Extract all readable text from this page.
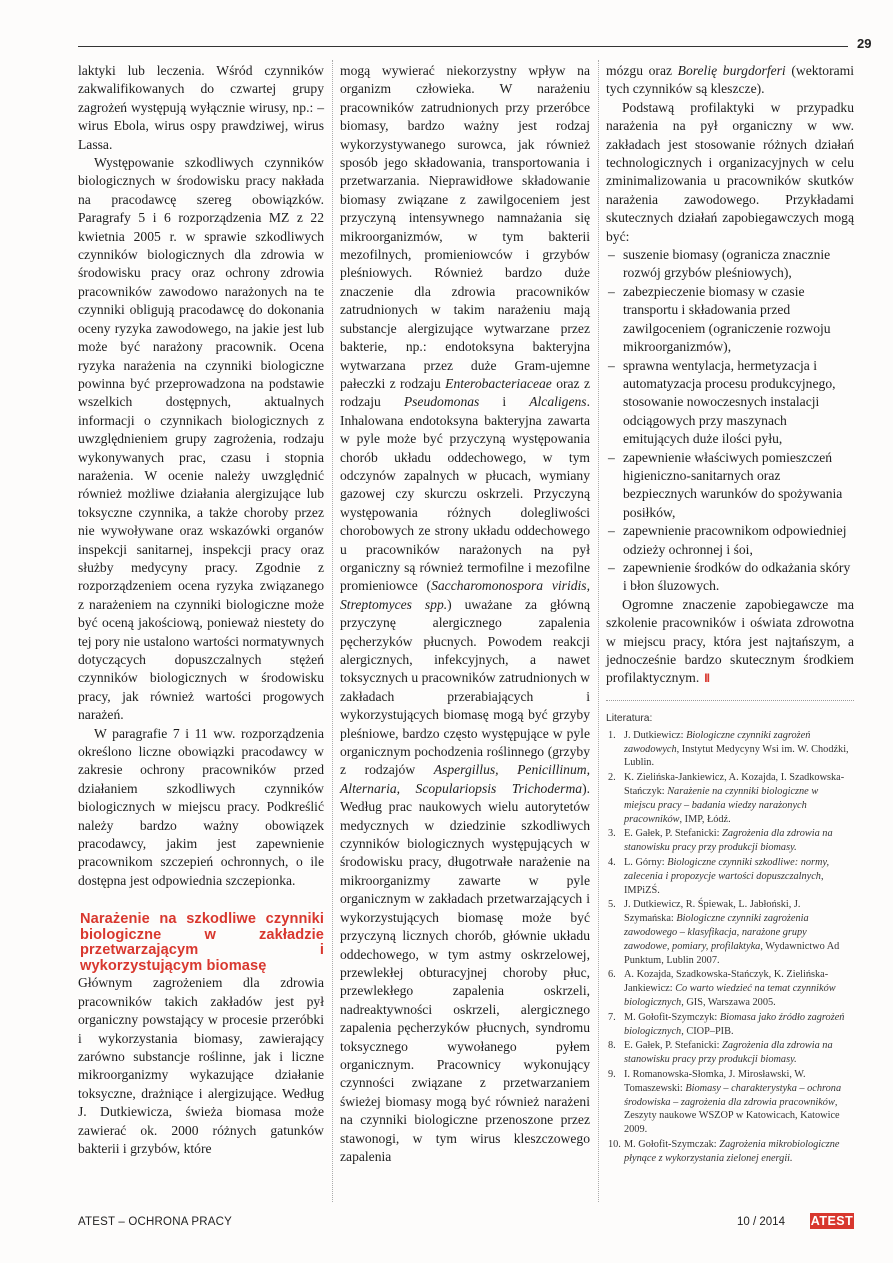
29

laktyki lub leczenia. Wśród czynników zakwalifikowanych do czwartej grupy zagrożeń występują wyłącznie wirusy, np.: – wirus Ebola, wirus ospy prawdziwej, wirus Lassa.

Występowanie szkodliwych czynników biologicznych w środowisku pracy nakłada na pracodawcę szereg obowiązków. Paragrafy 5 i 6 rozporządzenia MZ z 22 kwietnia 2005 r. w sprawie szkodliwych czynników biologicznych dla zdrowia w środowisku pracy oraz ochrony zdrowia pracowników zawodowo narażonych na te czynniki obligują pracodawcę do dokonania oceny ryzyka zawodowego, na jakie jest lub może być narażony pracownik. Ocena ryzyka narażenia na czynniki biologiczne powinna być przeprowadzona na podstawie wszelkich dostępnych, aktualnych informacji o czynnikach biologicznych z uwzględnieniem grupy zagrożenia, rodzaju wykonywanych prac, czasu i stopnia narażenia. W ocenie należy uwzględnić również możliwe działania alergizujące lub toksyczne czynnika, a także choroby przez nie wywoływane oraz wskazówki organów inspekcji sanitarnej, inspekcji pracy oraz służby medycyny pracy. Zgodnie z rozporządzeniem ocena ryzyka związanego z narażeniem na czynniki biologiczne może być oceną jakościową, ponieważ niestety do tej pory nie ustalono wartości normatywnych dotyczących dopuszczalnych stężeń czynników biologicznych w środowisku pracy, jak również wartości progowych narażeń.

W paragrafie 7 i 11 ww. rozporządzenia określono liczne obowiązki pracodawcy w zakresie ochrony pracowników przed działaniem szkodliwych czynników biologicznych w miejscu pracy. Podkreślić należy bardzo ważny obowiązek pracodawcy, jakim jest zapewnienie pracownikom szczepień ochronnych, o ile dostępna jest odpowiednia szczepionka.

Narażenie na szkodliwe czynniki biologiczne w zakładzie przetwarzającym i wykorzystującym biomasę

Głównym zagrożeniem dla zdrowia pracowników takich zakładów jest pył organiczny powstający w procesie przeróbki i wykorzystania biomasy, zawierający zarówno substancje roślinne, jak i liczne mikroorganizmy wykazujące działanie toksyczne, drażniące i alergizujące. Według J. Dutkiewicza, świeża biomasa może zawierać ok. 2000 różnych gatunków bakterii i grzybów, które

mogą wywierać niekorzystny wpływ na organizm człowieka. W narażeniu pracowników zatrudnionych przy przeróbce biomasy, bardzo ważny jest rodzaj wykorzystywanego surowca, jak również sposób jego składowania, transportowania i przetwarzania. Nieprawidłowe składowanie biomasy związane z zawilgoceniem jest przyczyną intensywnego namnażania się mikroorganizmów, w tym bakterii mezofilnych, promieniowców i grzybów pleśniowych. Również bardzo duże znaczenie dla zdrowia pracowników zatrudnionych w takim narażeniu mają substancje alergizujące wytwarzane przez bakterie, np.: endotoksyna bakteryjna wytwarzana przez duże Gram-ujemne pałeczki z rodzaju Enterobacteriaceae oraz z rodzaju Pseudomonas i Alcaligens. Inhalowana endotoksyna bakteryjna zawarta w pyle może być przyczyną występowania chorób układu oddechowego, w tym odczynów zapalnych w płucach, wymiany gazowej czy skurczu oskrzeli. Przyczyną występowania różnych dolegliwości chorobowych ze strony układu oddechowego u pracowników narażonych na pył organiczny są również termofilne i mezofilne promieniowce (Saccharomonospora viridis, Streptomyces spp.) uważane za główną przyczynę alergicznego zapalenia pęcherzyków płucnych. Powodem reakcji alergicznych, infekcyjnych, a nawet toksycznych u pracowników zatrudnionych w zakładach przerabiających i wykorzystujących biomasę mogą być grzyby pleśniowe, bardzo często występujące w pyle organicznym pochodzenia roślinnego (grzyby z rodzajów Aspergillus, Penicillinum, Alternaria, Scopulariopsis Trichoderma). Według prac naukowych wielu autorytetów medycznych w dziedzinie szkodliwych czynników biologicznych występujących w środowisku pracy, długotrwałe narażenie na mikroorganizmy zawarte w pyle organicznym w zakładach przetwarzających i wykorzystujących biomasę może być przyczyną licznych chorób, głównie układu oddechowego, w tym astmy oskrzelowej, przewlekłej obturacyjnej choroby płuc, przewlekłego zapalenia oskrzeli, nadreaktywności oskrzeli, alergicznego zapalenia pęcherzyków płucnych, syndromu toksycznego wywołanego pyłem organicznym. Pracownicy wykonujący czynności związane z przetwarzaniem świeżej biomasy mogą być również narażeni na czynniki biologiczne przenoszone przez stawonogi, w tym wirus kleszczowego zapalenia

mózgu oraz Borelię burgdorferi (wektorami tych czynników są kleszcze).

Podstawą profilaktyki w przypadku narażenia na pył organiczny w ww. zakładach jest stosowanie różnych działań technologicznych i organizacyjnych w celu zminimalizowania u pracowników skutków narażenia zawodowego. Przykładami skutecznych działań zapobiegawczych mogą być:

– suszenie biomasy (ogranicza znacznie rozwój grzybów pleśniowych),
– zabezpieczenie biomasy w czasie transportu i składowania przed zawilgoceniem (ograniczenie rozwoju mikroorganizmów),
– sprawna wentylacja, hermetyzacja i automatyzacja procesu produkcyjnego, stosowanie nowoczesnych instalacji odciągowych przy maszynach emitujących duże ilości pyłu,
– zapewnienie właściwych pomieszczeń higieniczno-sanitarnych oraz bezpiecznych warunków do spożywania posiłków,
– zapewnienie pracownikom odpowiedniej odzieży ochronnej i śoi,
– zapewnienie środków do odkażania skóry i błon śluzowych.

Ogromne znaczenie zapobiegawcze ma szkolenie pracowników i oświata zdrowotna w miejscu pracy, która jest najtańszym, a jednocześnie bardzo skutecznym środkiem profilaktycznym. II

Literatura:
1. J. Dutkiewicz: Biologiczne czynniki zagrożeń zawodowych, Instytut Medycyny Wsi im. W. Chodźki, Lublin.
2. K. Zielińska-Jankiewicz, A. Kozajda, I. Szadkowska-Stańczyk: Narażenie na czynniki biologiczne w miejscu pracy – badania wiedzy narażonych pracowników, IMP, Łódź.
3. E. Gałek, P. Stefanicki: Zagrożenia dla zdrowia na stanowisku pracy przy produkcji biomasy.
4. L. Górny: Biologiczne czynniki szkodliwe: normy, zalecenia i propozycje wartości dopuszczalnych, IMPiZŚ.
5. J. Dutkiewicz, R. Śpiewak, L. Jabłoński, J. Szymańska: Biologiczne czynniki zagrożenia zawodowego – klasyfikacja, narażone grupy zawodowe, pomiary, profilaktyka, Wydawnictwo Ad Punktum, Lublin 2007.
6. A. Kozajda, Szadkowska-Stańczyk, K. Zielińska-Jankiewicz: Co warto wiedzieć na temat czynników biologicznych, GIS, Warszawa 2005.
7. M. Gołofit-Szymczyk: Biomasa jako źródło zagrożeń biologicznych, CIOP–PIB.
8. E. Gałek, P. Stefanicki: Zagrożenia dla zdrowia na stanowisku pracy przy produkcji biomasy.
9. I. Romanowska-Słomka, J. Mirosławski, W. Tomaszewski: Biomasy – charakterystyka – ochrona środowiska – zagrożenia dla zdrowia pracowników, Zeszyty naukowe WSZOP w Katowicach, Katowice 2009.
10. M. Gołofit-Szymczak: Zagrożenia mikrobiologiczne płynące z wykorzystania zielonej energii.
ATEST – OCHRONA PRACY	10 / 2014 ATEST
